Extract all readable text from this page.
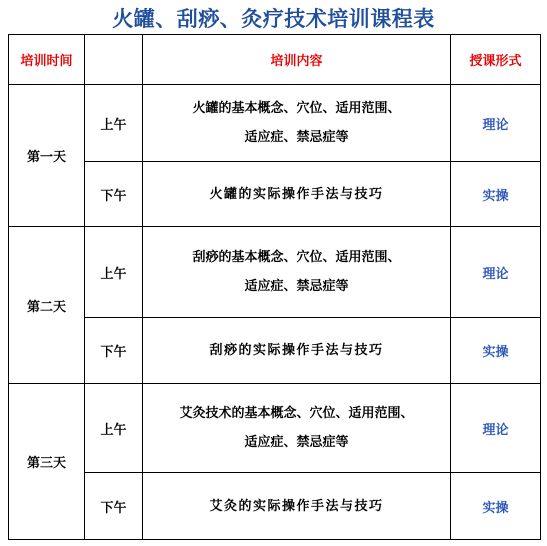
火罐、刮痧、灸疗技术培训课程表
培训时间		培训内容	授课形式
第一天	上午	火罐的基本概念、穴位、适用范围、
适应症、禁忌症等	理论
	下午	火罐的实际操作手法与技巧	实操
第二天	上午	刮痧的基本概念、穴位、适用范围、
适应症、禁忌症等	理论
	下午	刮痧的实际操作手法与技巧	实操
第三天	上午	艾灸技术的基本概念、穴位、适用范围、
适应症、禁忌症等	理论
	下午	艾灸的实际操作手法与技巧	实操
